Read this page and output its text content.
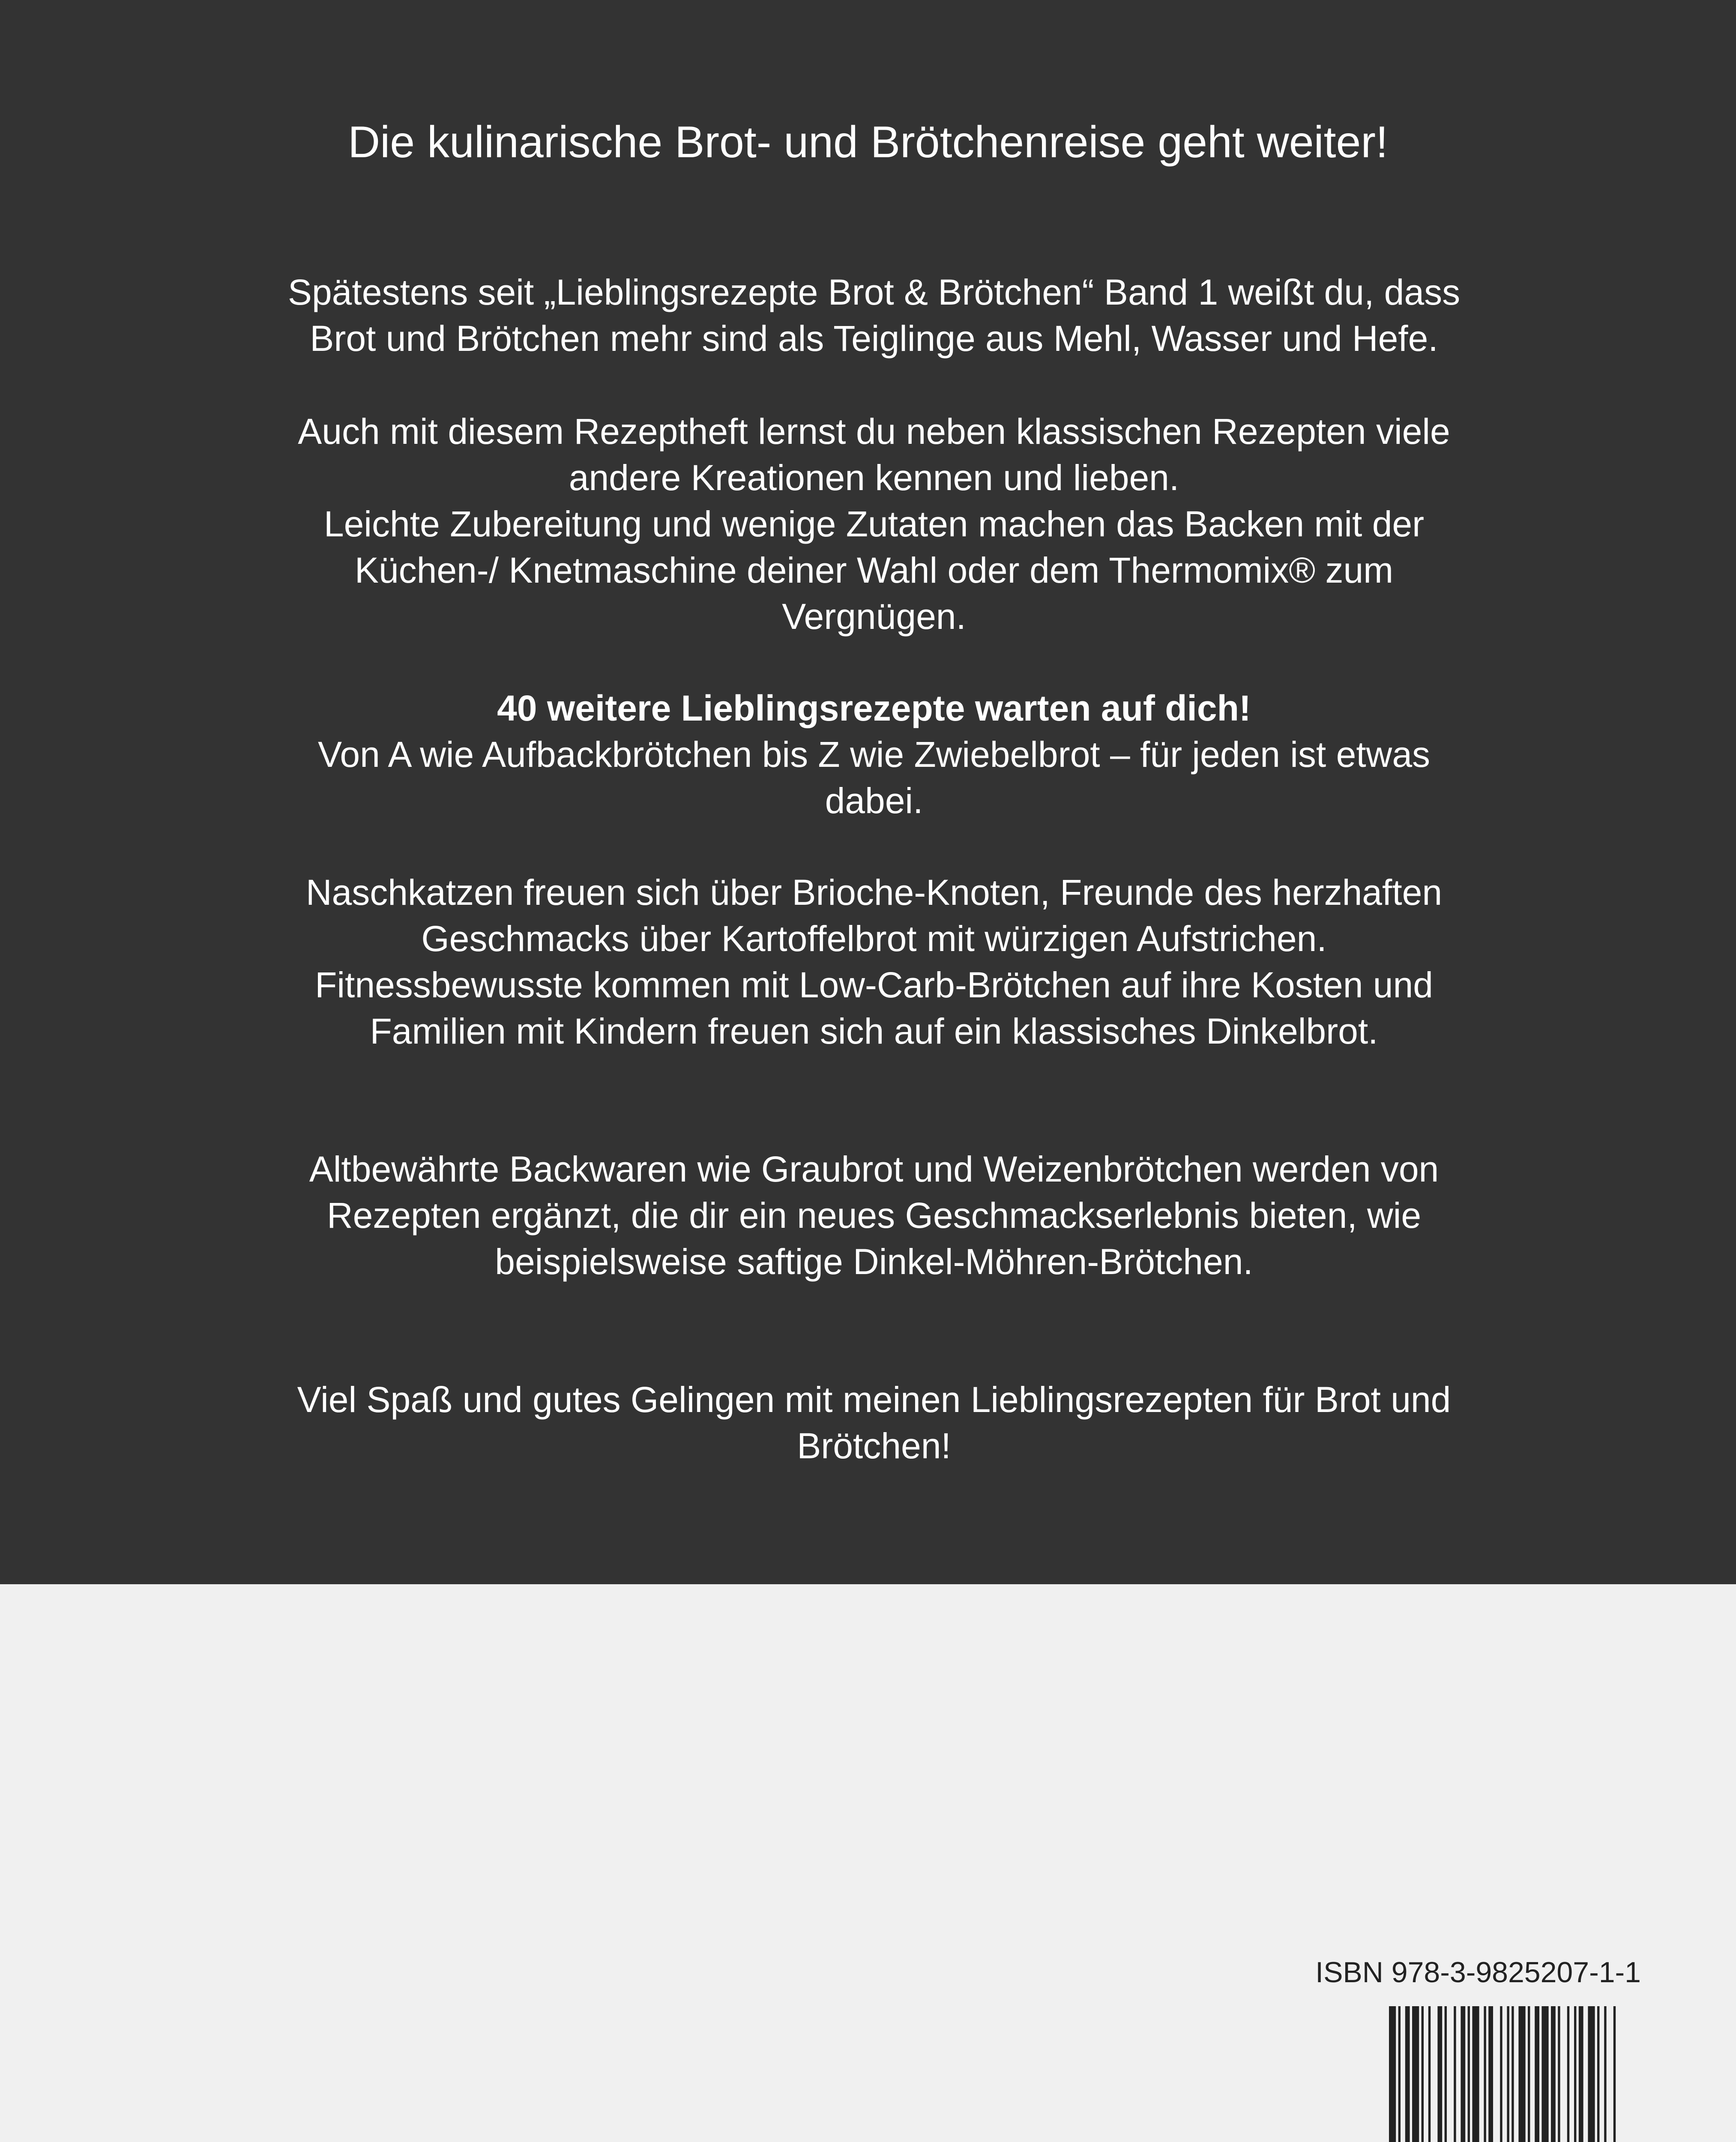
Die kulinarische Brot- und Brötchenreise geht weiter!

Spätestens seit „Lieblingsrezepte Brot & Brötchen“ Band 1 weißt du, dass
Brot und Brötchen mehr sind als Teiglinge aus Mehl, Wasser und Hefe.

Auch mit diesem Rezeptheft lernst du neben klassischen Rezepten viele
andere Kreationen kennen und lieben.
Leichte Zubereitung und wenige Zutaten machen das Backen mit der
Küchen-/ Knetmaschine deiner Wahl oder dem Thermomix® zum
Vergnügen.

40 weitere Lieblingsrezepte warten auf dich!
Von A wie Aufbackbrötchen bis Z wie Zwiebelbrot – für jeden ist etwas
dabei.

Naschkatzen freuen sich über Brioche-Knoten, Freunde des herzhaften
Geschmacks über Kartoffelbrot mit würzigen Aufstrichen.
Fitnessbewusste kommen mit Low-Carb-Brötchen auf ihre Kosten und
Familien mit Kindern freuen sich auf ein klassisches Dinkelbrot.

Altbewährte Backwaren wie Graubrot und Weizenbrötchen werden von
Rezepten ergänzt, die dir ein neues Geschmackserlebnis bieten, wie
beispielsweise saftige Dinkel-Möhren-Brötchen.

Viel Spaß und gutes Gelingen mit meinen Lieblingsrezepten für Brot und
Brötchen!

ISBN 978-3-9825207-1-1
